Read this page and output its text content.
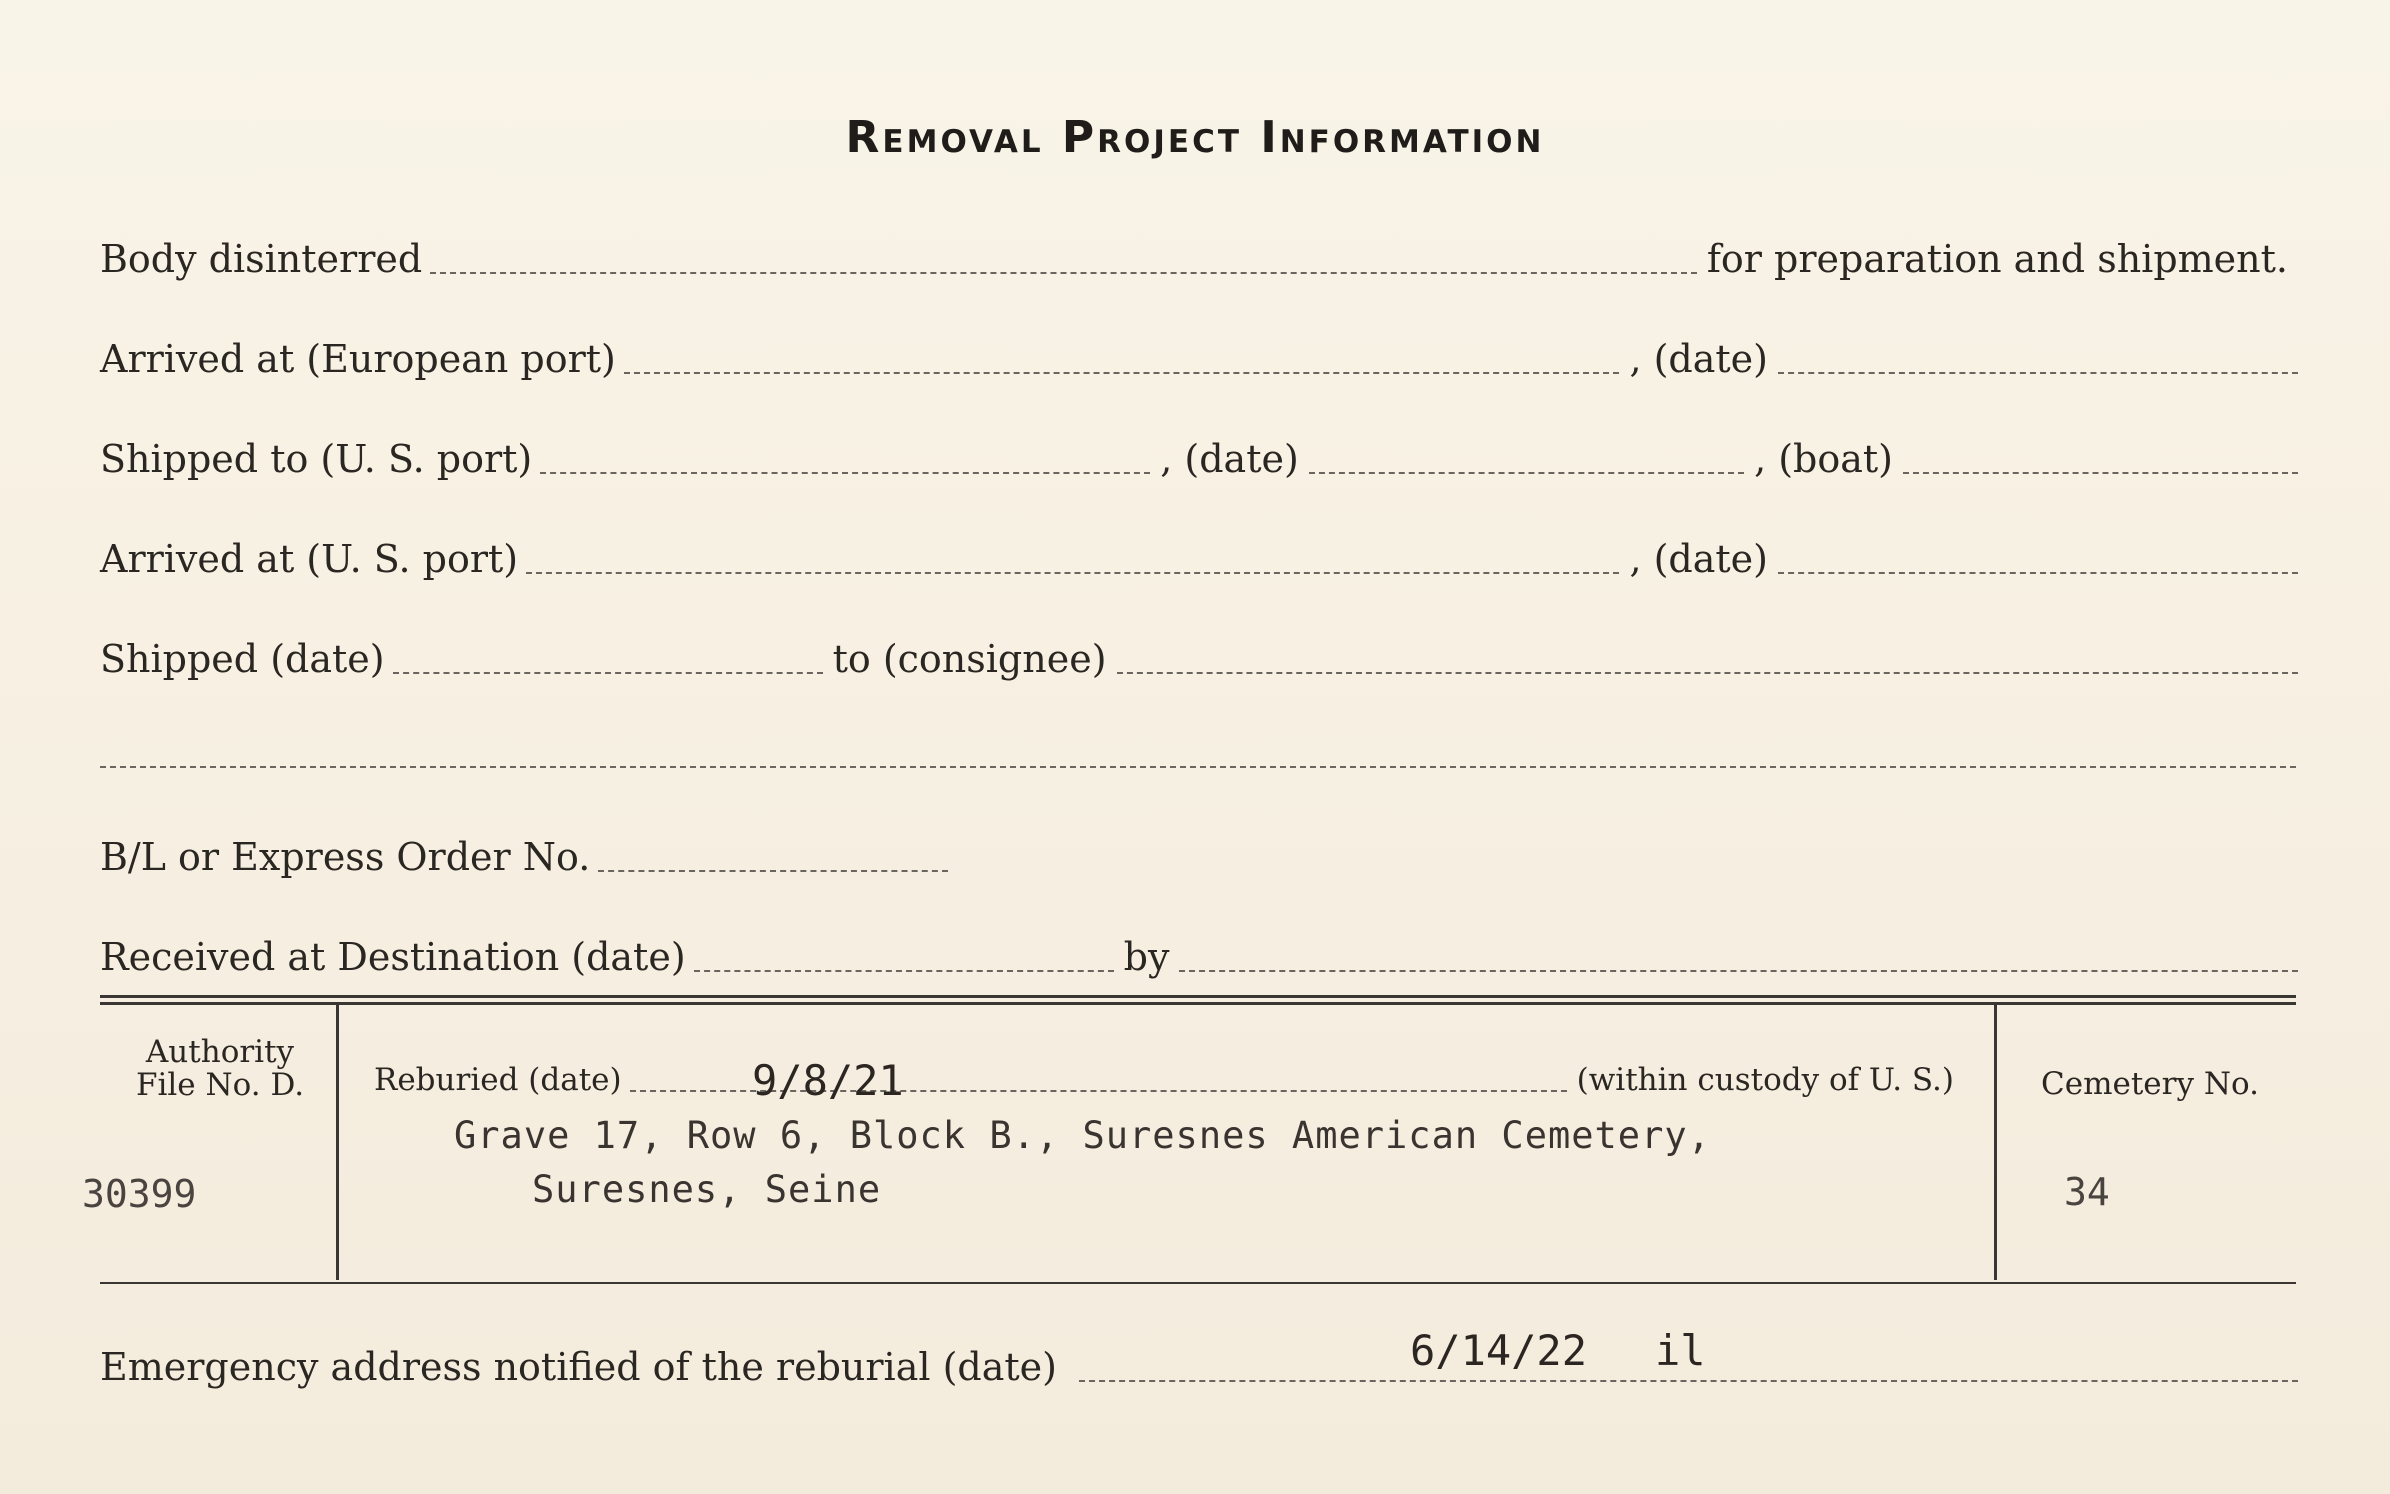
Removal Project Information
Body disinterred	for preparation and shipment.
Arrived at (European port)	, (date)
Shipped to (U. S. port)	, (date)	, (boat)
Arrived at (U. S. port)	, (date)
Shipped (date)	to (consignee)
B/L or Express Order No.
Received at Destination (date)	by
Authority
File No. D.
30399
Reburied (date)	(within custody of U. S.)
9/8/21
Grave 17, Row 6, Block B., Suresnes American Cemetery,
Suresnes, Seine
Cemetery No.
34
Emergency address notified of the reburial (date)	6/14/22 il
